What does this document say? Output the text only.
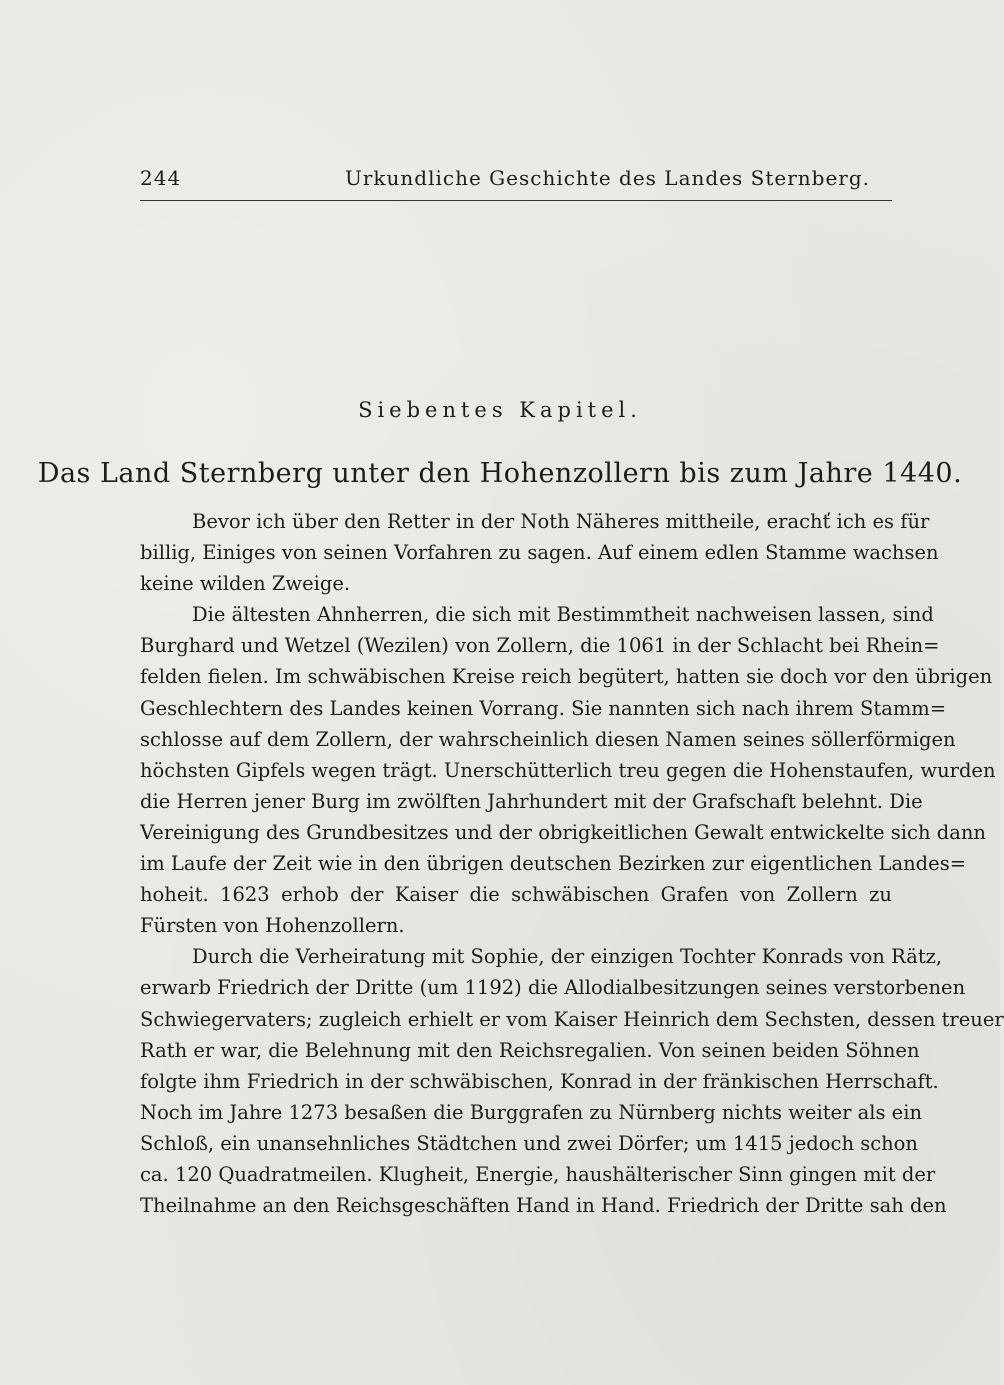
244	Urkundliche Geschichte des Landes Sternberg.
Siebentes Kapitel.
Das Land Sternberg unter den Hohenzollern bis zum Jahre 1440.
Bevor ich über den Retter in der Noth Näheres mittheile, erachť ich es für
billig, Einiges von seinen Vorfahren zu sagen. Auf einem edlen Stamme wachsen
keine wilden Zweige.
Die ältesten Ahnherren, die sich mit Bestimmtheit nachweisen lassen, sind
Burghard und Wetzel (Wezilen) von Zollern, die 1061 in der Schlacht bei Rhein=
felden fielen. Im schwäbischen Kreise reich begütert, hatten sie doch vor den übrigen
Geschlechtern des Landes keinen Vorrang. Sie nannten sich nach ihrem Stamm=
schlosse auf dem Zollern, der wahrscheinlich diesen Namen seines söllerförmigen
höchsten Gipfels wegen trägt. Unerschütterlich treu gegen die Hohenstaufen, wurden
die Herren jener Burg im zwölften Jahrhundert mit der Grafschaft belehnt. Die
Vereinigung des Grundbesitzes und der obrigkeitlichen Gewalt entwickelte sich dann
im Laufe der Zeit wie in den übrigen deutschen Bezirken zur eigentlichen Landes=
hoheit. 1623 erhob der Kaiser die schwäbischen Grafen von Zollern zu
Fürsten von Hohenzollern.
Durch die Verheiratung mit Sophie, der einzigen Tochter Konrads von Rätz,
erwarb Friedrich der Dritte (um 1192) die Allodialbesitzungen seines verstorbenen
Schwiegervaters; zugleich erhielt er vom Kaiser Heinrich dem Sechsten, dessen treuer
Rath er war, die Belehnung mit den Reichsregalien. Von seinen beiden Söhnen
folgte ihm Friedrich in der schwäbischen, Konrad in der fränkischen Herrschaft.
Noch im Jahre 1273 besaßen die Burggrafen zu Nürnberg nichts weiter als ein
Schloß, ein unansehnliches Städtchen und zwei Dörfer; um 1415 jedoch schon
ca. 120 Quadratmeilen. Klugheit, Energie, haushälterischer Sinn gingen mit der
Theilnahme an den Reichsgeschäften Hand in Hand. Friedrich der Dritte sah den
